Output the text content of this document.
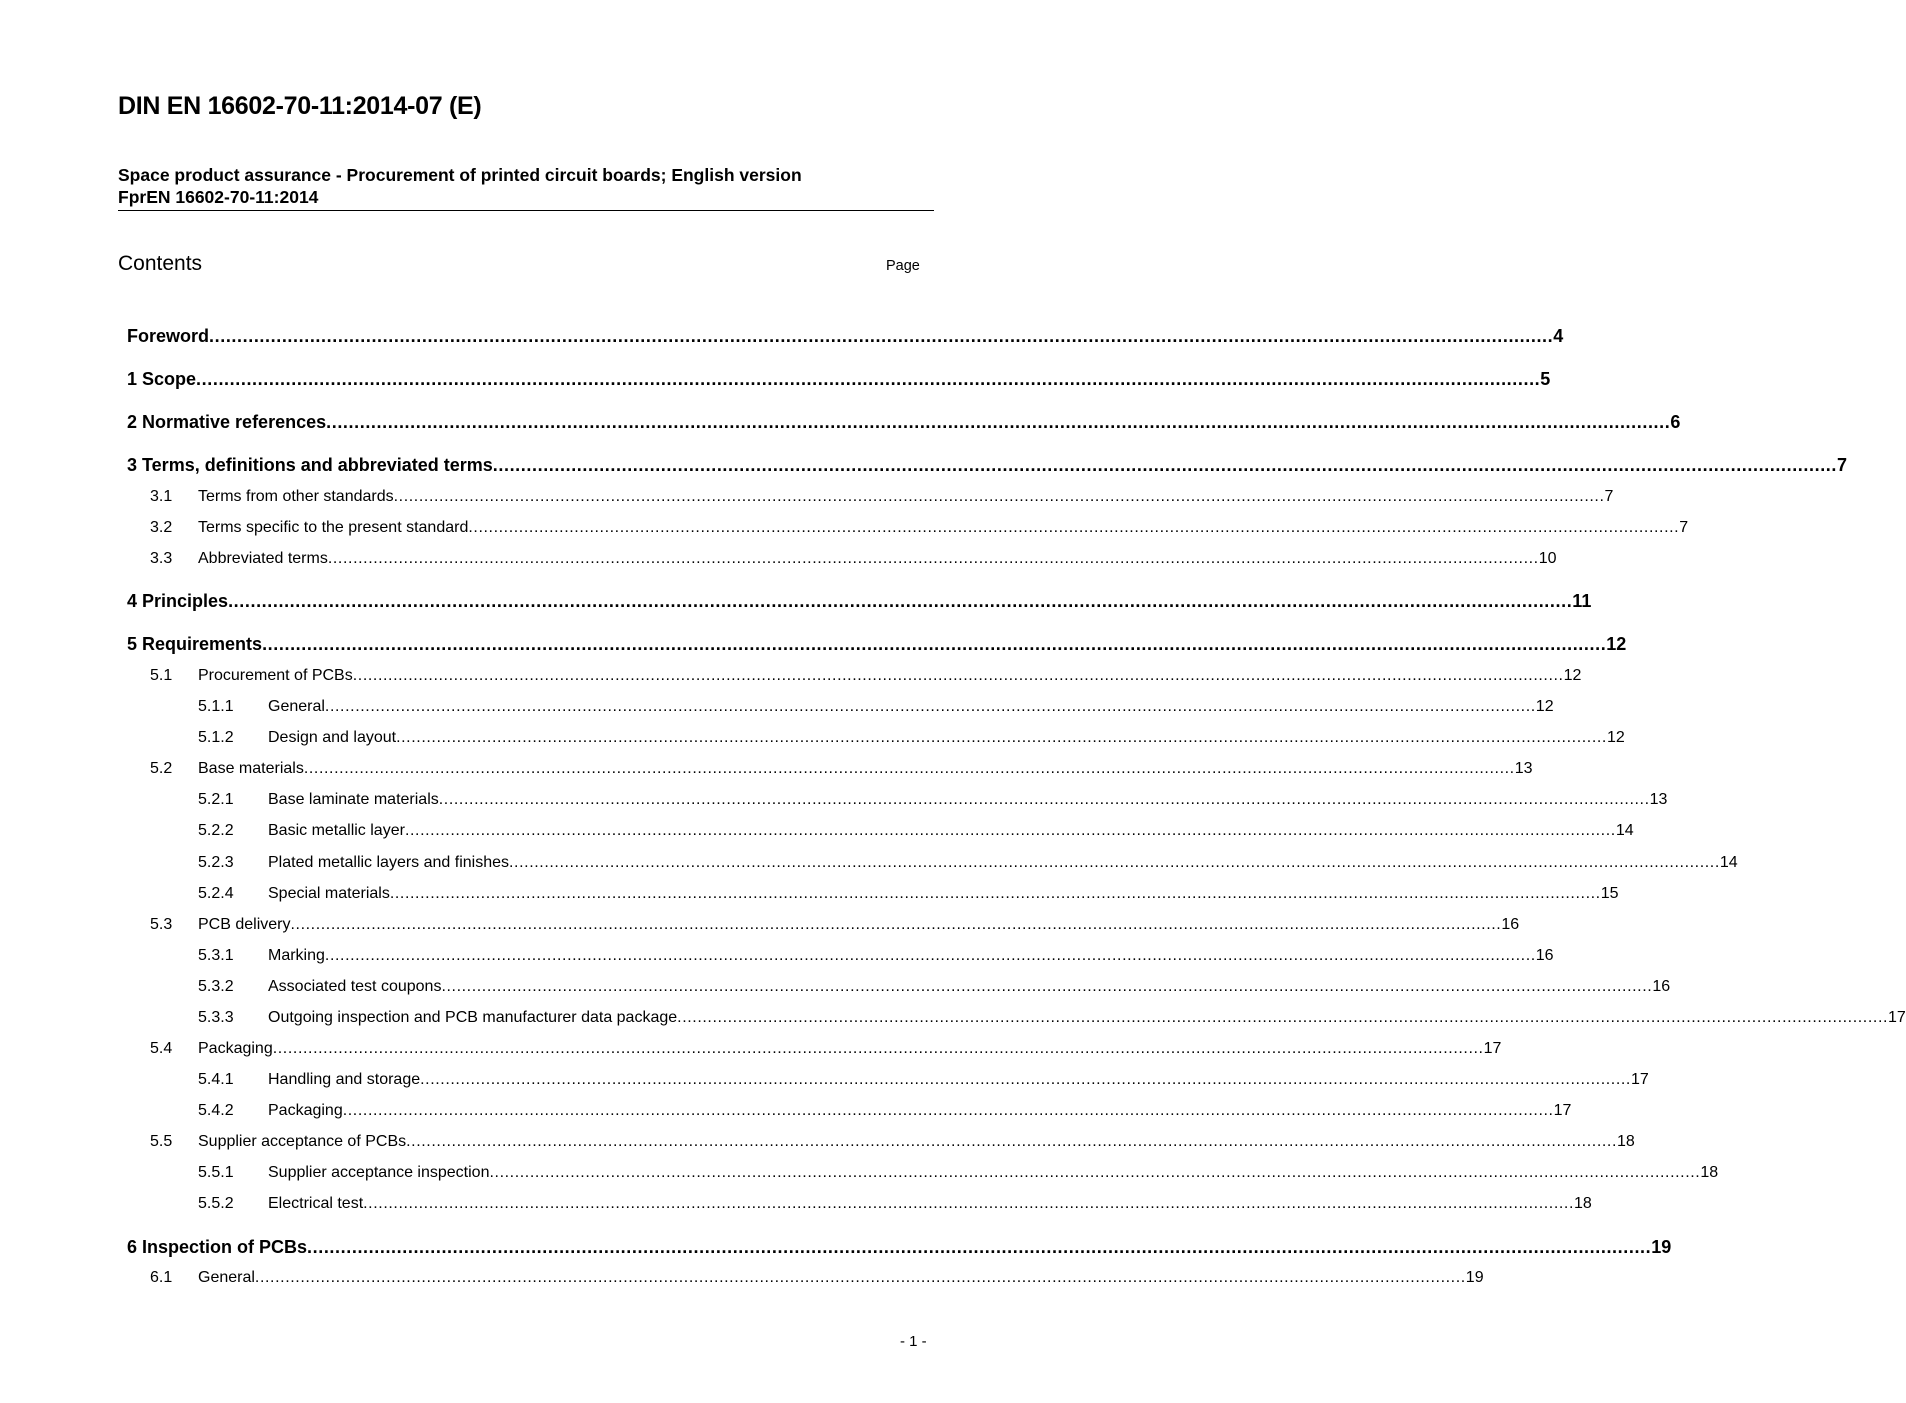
DIN EN 16602-70-11:2014-07 (E)
Space product assurance - Procurement of printed circuit boards; English version
FprEN 16602-70-11:2014
Contents	Page
Foreword .....	4
1 Scope .....	5
2 Normative references .....	6
3 Terms, definitions and abbreviated terms .....	7
3.1	Terms from other standards .....	7
3.2	Terms specific to the present standard .....	7
3.3	Abbreviated terms .....	10
4 Principles .....	11
5 Requirements .....	12
5.1	Procurement of PCBs .....	12
5.1.1	General .....	12
5.1.2	Design and layout .....	12
5.2	Base materials .....	13
5.2.1	Base laminate materials .....	13
5.2.2	Basic metallic layer .....	14
5.2.3	Plated metallic layers and finishes .....	14
5.2.4	Special materials .....	15
5.3	PCB delivery .....	16
5.3.1	Marking .....	16
5.3.2	Associated test coupons .....	16
5.3.3	Outgoing inspection and PCB manufacturer data package .....	17
5.4	Packaging .....	17
5.4.1	Handling and storage .....	17
5.4.2	Packaging .....	17
5.5	Supplier acceptance of PCBs .....	18
5.5.1	Supplier acceptance inspection .....	18
5.5.2	Electrical test .....	18
6 Inspection of PCBs .....	19
6.1	General .....	19
- 1 -
